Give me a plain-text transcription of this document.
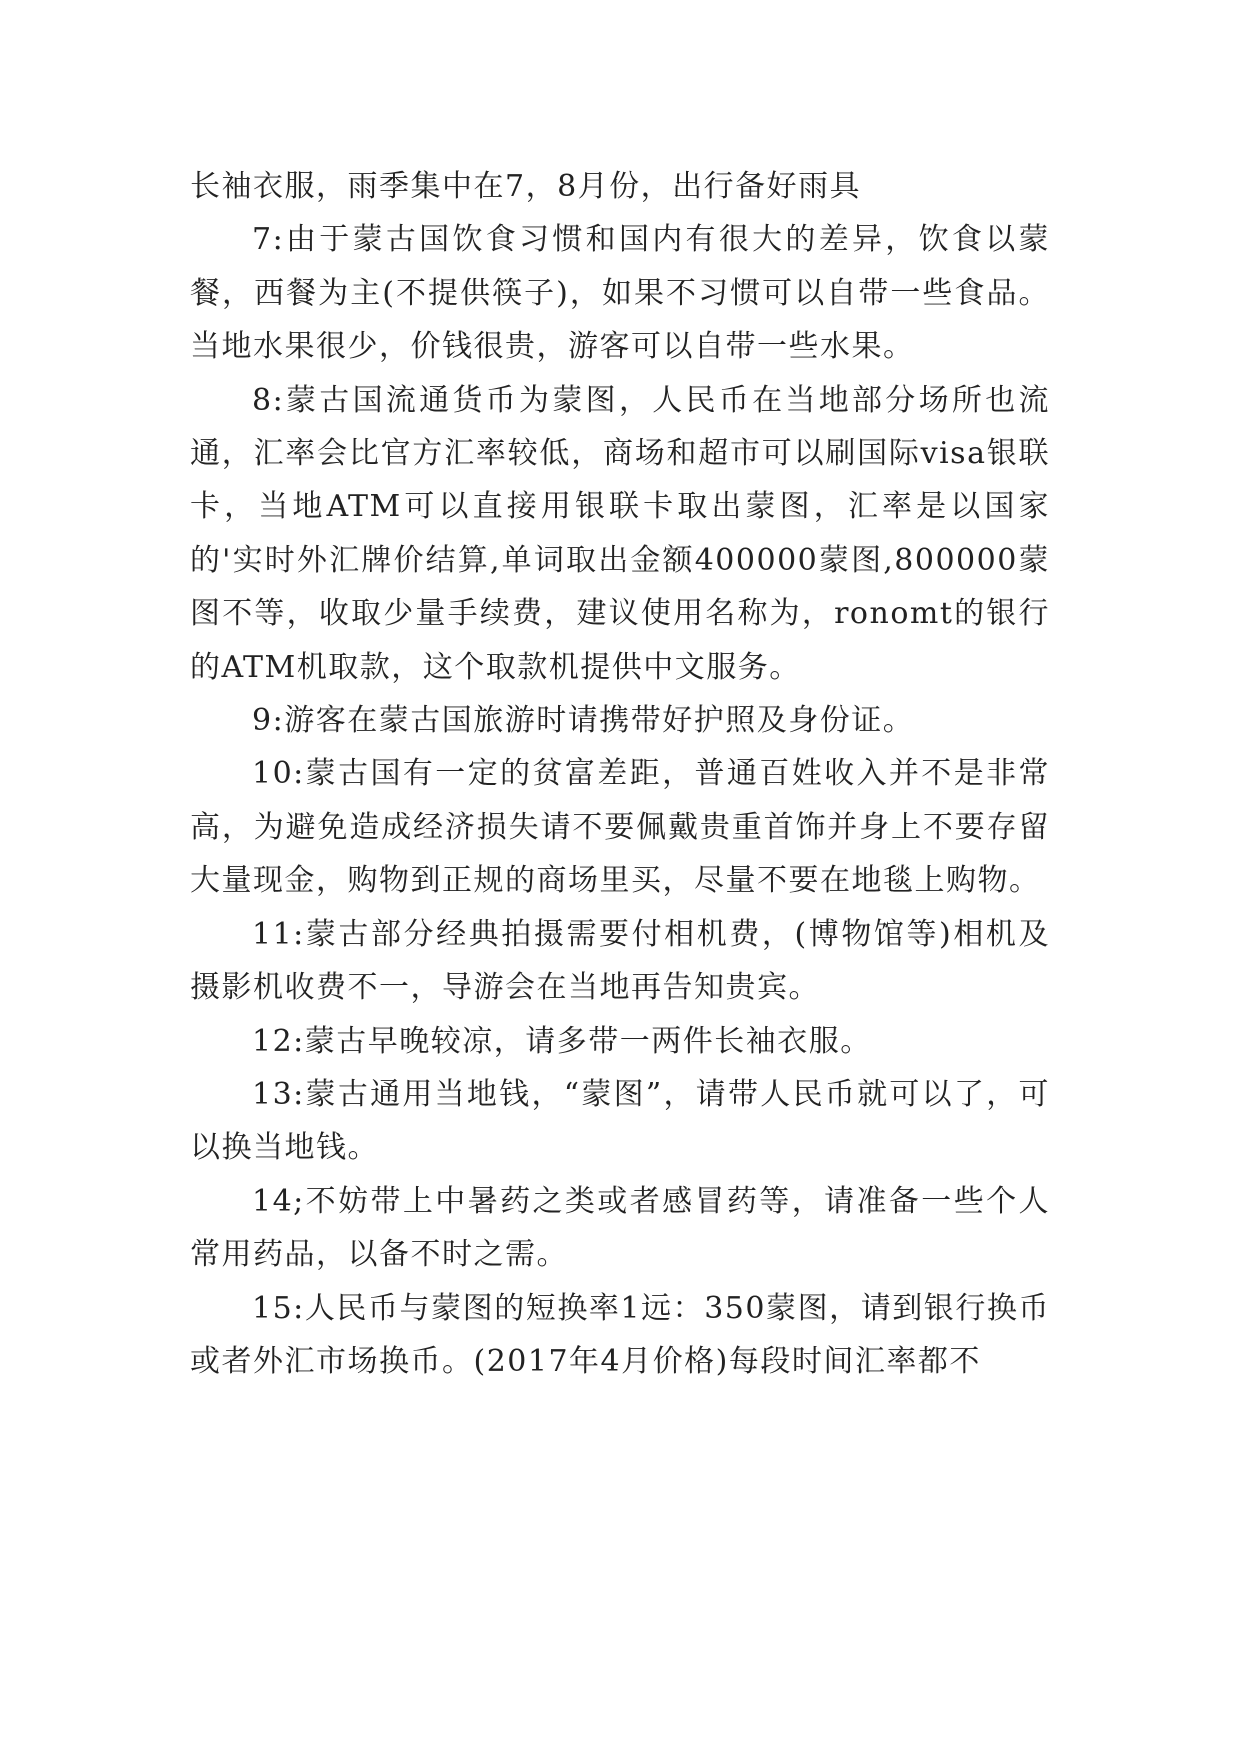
长袖衣服，雨季集中在7，8月份，出行备好雨具

7:由于蒙古国饮食习惯和国内有很大的差异，饮食以蒙餐，西餐为主(不提供筷子)，如果不习惯可以自带一些食品。当地水果很少，价钱很贵，游客可以自带一些水果。

8:蒙古国流通货币为蒙图，人民币在当地部分场所也流通，汇率会比官方汇率较低，商场和超市可以刷国际visa银联卡，当地ATM可以直接用银联卡取出蒙图，汇率是以国家的'实时外汇牌价结算,单词取出金额400000蒙图,800000蒙图不等，收取少量手续费，建议使用名称为，ronomt的银行的ATM机取款，这个取款机提供中文服务。

9:游客在蒙古国旅游时请携带好护照及身份证。

10:蒙古国有一定的贫富差距，普通百姓收入并不是非常高，为避免造成经济损失请不要佩戴贵重首饰并身上不要存留大量现金，购物到正规的商场里买，尽量不要在地毯上购物。

11:蒙古部分经典拍摄需要付相机费，(博物馆等)相机及摄影机收费不一，导游会在当地再告知贵宾。

12:蒙古早晚较凉，请多带一两件长袖衣服。

13:蒙古通用当地钱，“蒙图”，请带人民币就可以了，可以换当地钱。

14;不妨带上中暑药之类或者感冒药等，请准备一些个人常用药品，以备不时之需。

15:人民币与蒙图的短换率1远：350蒙图，请到银行换币或者外汇市场换币。(2017年4月价格)每段时间汇率都不
